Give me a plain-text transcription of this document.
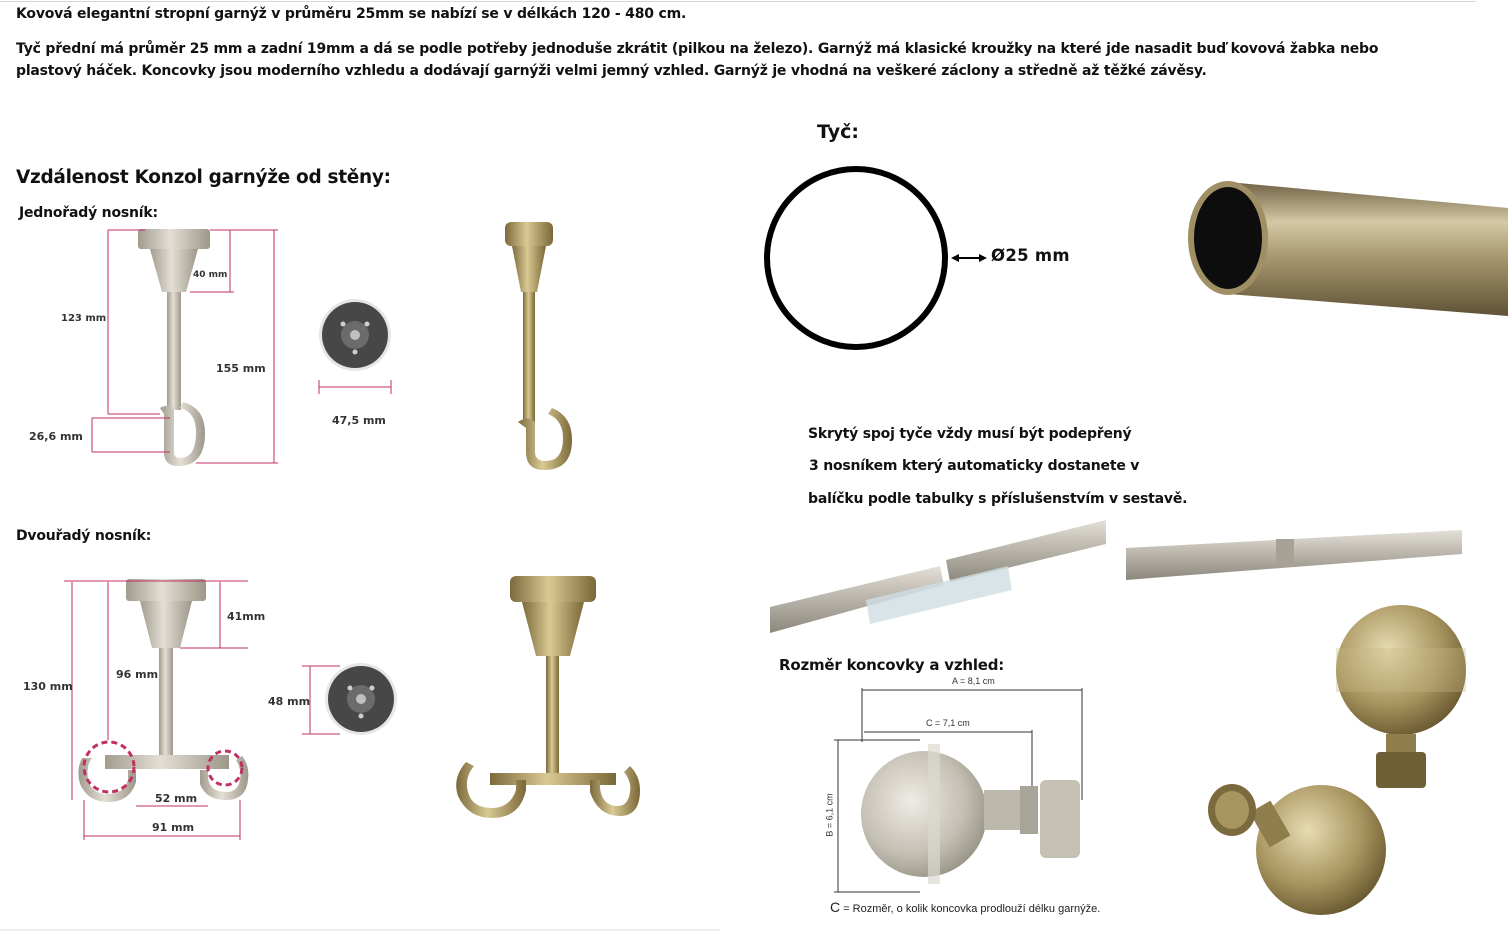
Kovová elegantní stropní garnýž v průměru 25mm se nabízí se v délkách 120 - 480 cm.
Tyč přední má průměr 25 mm a zadní 19mm a dá se podle potřeby jednoduše zkrátit (pilkou na železo). Garnýž má klasické kroužky na které jde nasadit buď kovová žabka nebo plastový háček. Koncovky jsou moderního vzhledu a dodávají garnýži velmi jemný vzhled. Garnýž je vhodná na veškeré záclony a středně až těžké závěsy.
Vzdálenost Konzol garnýže od stěny:
Jednořadý nosník:
Dvouřadý nosník:
40 mm
123 mm
155 mm
26,6 mm
47,5 mm
41mm
96 mm
130 mm
52 mm
91 mm
48 mm
Tyč:
Ø25 mm
Skrytý spoj tyče vždy musí být podepřený
3 nosníkem který automaticky dostanete v
balíčku podle tabulky s příslušenstvím v sestavě.
Rozměr koncovky a vzhled:
A = 8,1 cm
C = 7,1 cm
B = 6,1 cm
C = Rozměr, o kolik koncovka prodlouží délku garnýže.
